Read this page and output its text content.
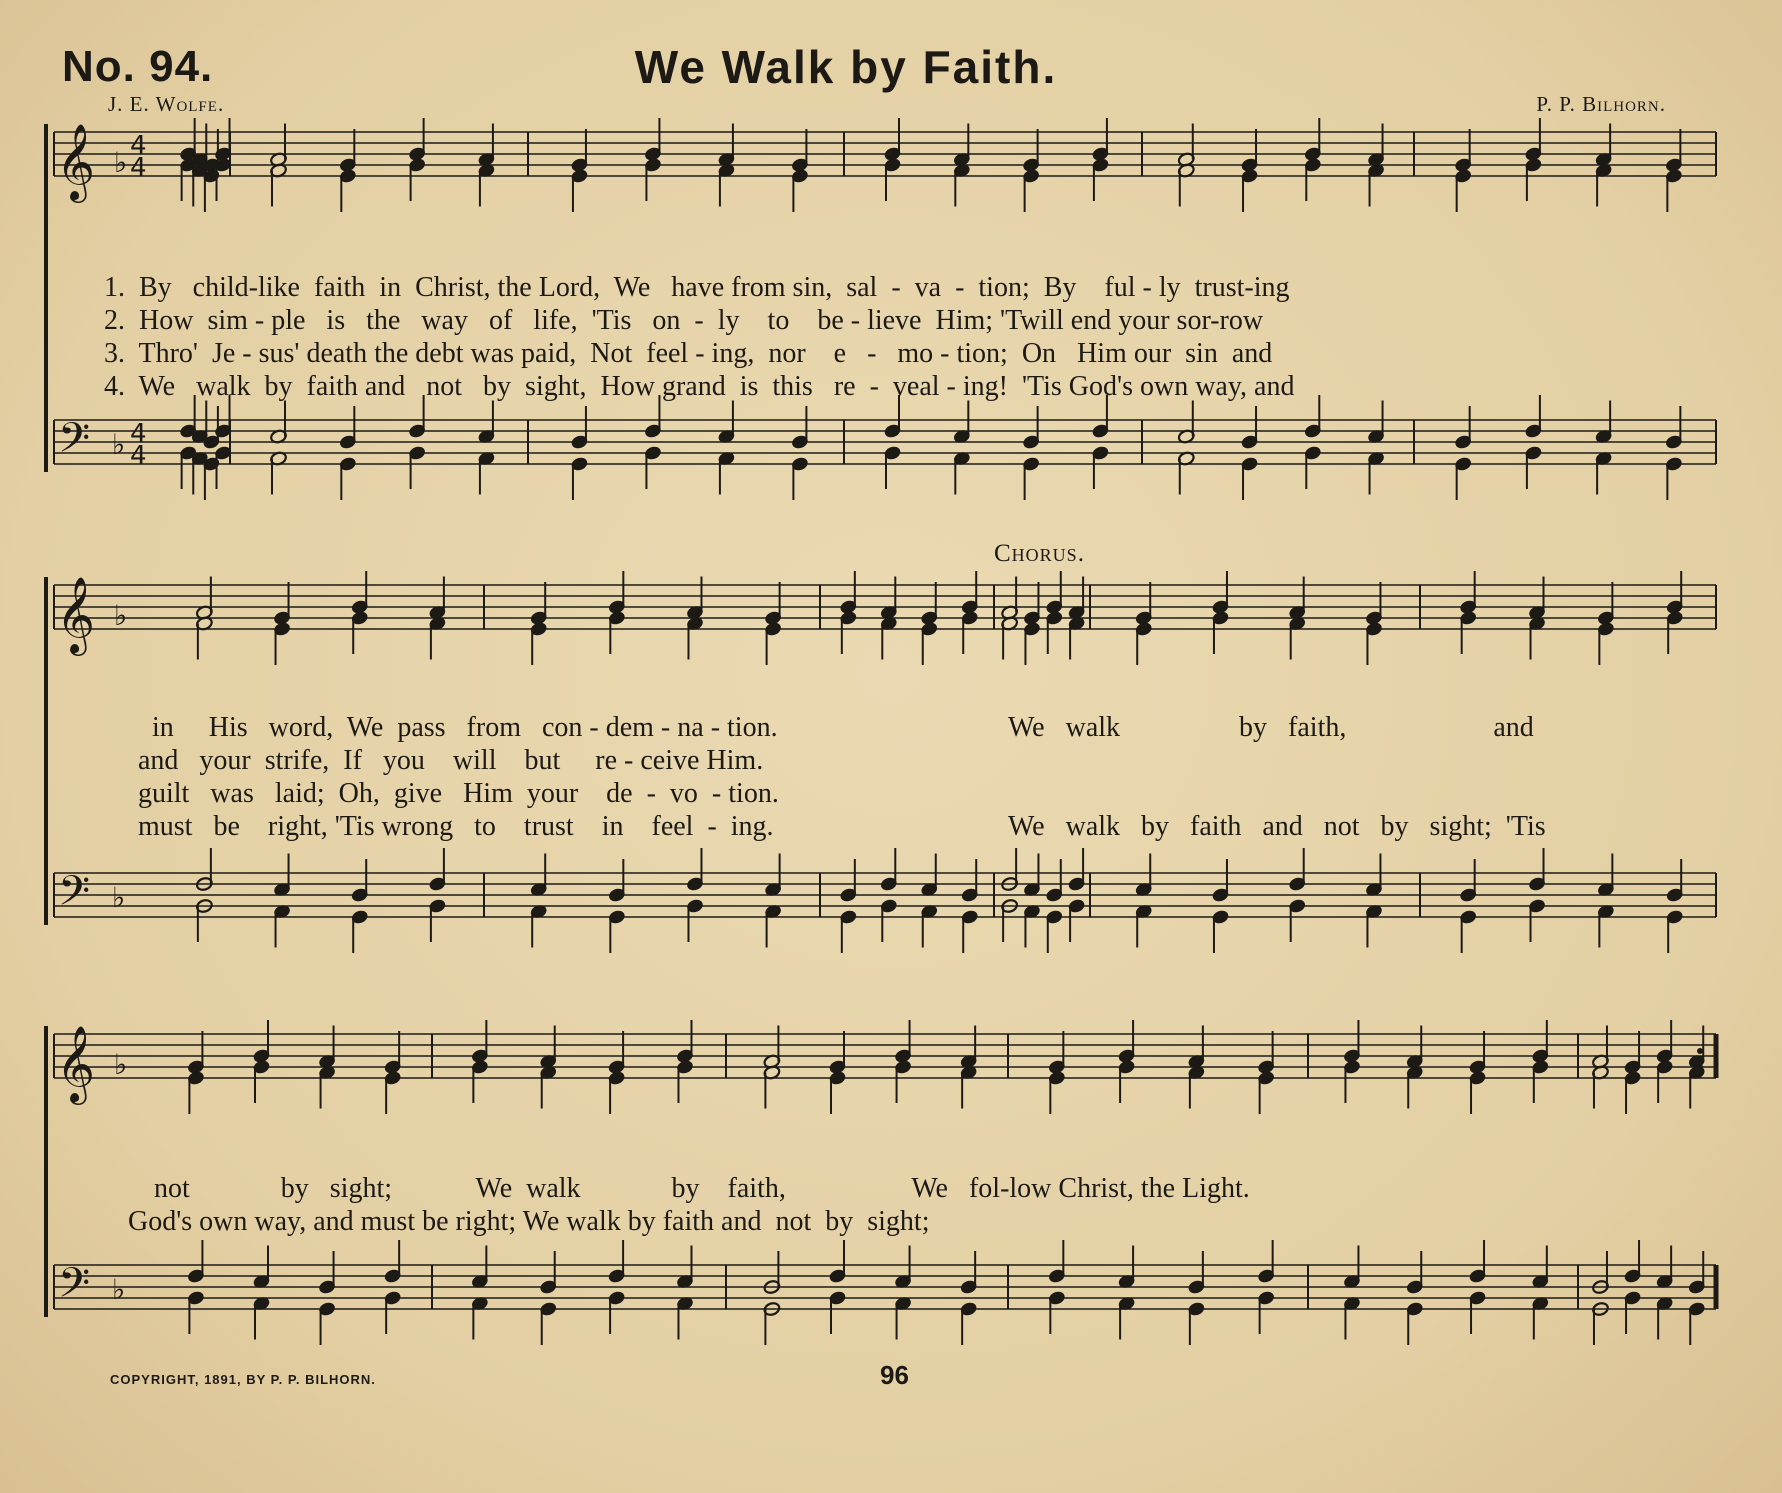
No. 94.	We Walk by Faith.
J. E. Wolfe.	P. P. Bilhorn.
𝄞
𝄢
♭
♭
4
4
4
4
𝄞
𝄢
♭
♭
𝄞
𝄢
♭
♭
1.  By   child-like  faith  in  Christ, the Lord,  We   have from sin,  sal  -  va  -  tion;  By    ful - ly  trust-ing
2.  How  sim - ple   is   the   way   of   life,  'Tis   on  -  ly    to    be - lieve  Him; 'Twill end your sor-row
3.  Thro'  Je - sus' death the debt was paid,  Not  feel - ing,  nor    e   -   mo - tion;  On   Him our  sin  and
4.  We   walk  by  faith and   not   by  sight,  How grand  is  this   re  -  veal - ing!  'Tis God's own way, and
Chorus.
in     His   word,  We  pass   from   con - dem - na - tion.
and   your  strife,  If   you    will    but     re - ceive Him.
guilt   was   laid;  Oh,  give   Him  your    de  -  vo  - tion.
must   be    right, 'Tis wrong   to    trust    in    feel  -  ing.
We   walk                 by   faith,                     and
We   walk   by   faith   and   not   by   sight;  'Tis
not             by   sight;            We  walk             by    faith,                  We   fol-low Christ, the Light.
God's own way, and must be right; We walk by faith and  not  by  sight;
COPYRIGHT, 1891, BY P. P. BILHORN.	96
